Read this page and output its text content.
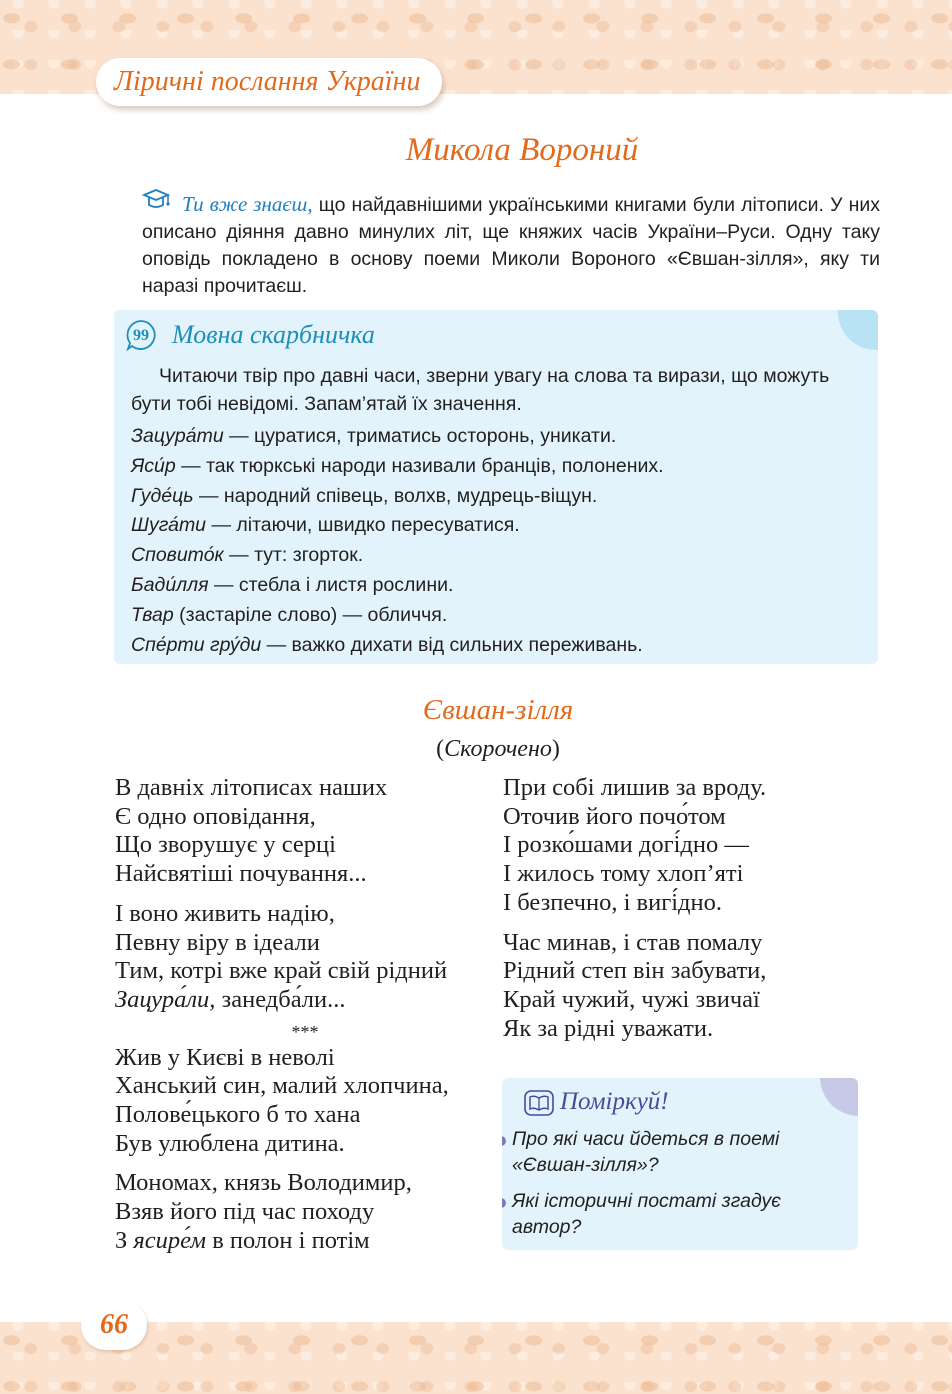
Ліричні послання України
Микола Вороний
Ти вже знаєш, що найдавнішими українськими книгами були літописи. У них описано діяння давно минулих літ, ще княжих часів України–Руси. Одну таку оповідь покладено в основу поеми Миколи Вороного «Євшан-зілля», яку ти наразі прочитаєш.
99 Мовна скарбничка
Читаючи твір про давні часи, зверни увагу на слова та вирази, що можуть бути тобі невідомі. Запам’ятай їх значення.
Зацура́ти — цуратися, триматись осторонь, уникати.
Яси́р — так тюркські народи називали бранців, полонених.
Гуде́ць — народний співець, волхв, мудрець-віщун.
Шуга́ти — літаючи, швидко пересуватися.
Сповито́к — тут: згорток.
Бади́лля — стебла і листя рослини.
Твар (застаріле слово) — обличчя.
Спе́рти гру́ди — важко дихати від сильних переживань.
Євшан-зілля
(Скорочено)
В давніх літописах наших
Є одно оповідання,
Що зворушує у серці
Найсвятіші почування...
І воно живить надію,
Певну віру в ідеали
Тим, котрі вже край свій рідний
Зацура́ли, занедба́ли...
***
Жив у Києві в неволі
Ханський син, малий хлопчина,
Полове́цького б то хана
Був улюблена дитина.
Мономах, князь Володимир,
Взяв його під час походу
З ясире́м в полон і потім
При собі лишив за вроду.
Оточив його почо́том
І розко́шами догі́дно —
І жилось тому хлоп’яті
І безпечно, і вигі́дно.
Час минав, і став помалу
Рідний степ він забувати,
Край чужий, чужі звичаї
Як за рідні уважати.
Поміркуй!
Про які часи йдеться в поемі «Євшан-зілля»?
Які історичні постаті згадує автор?
66
